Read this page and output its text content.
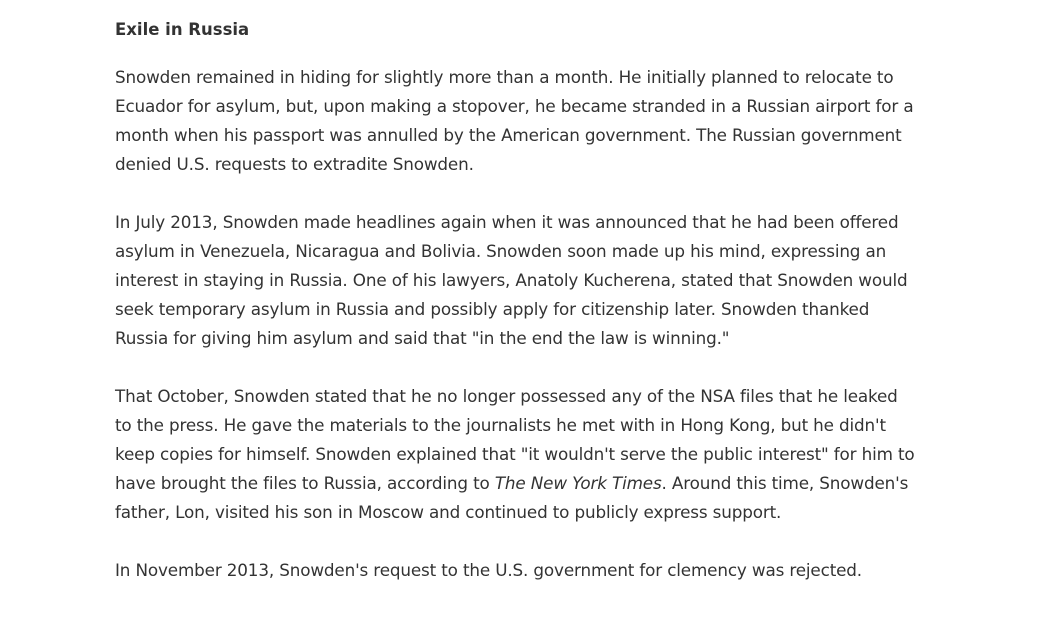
Exile in Russia

Snowden remained in hiding for slightly more than a month. He initially planned to relocate to Ecuador for asylum, but, upon making a stopover, he became stranded in a Russian airport for a month when his passport was annulled by the American government. The Russian government denied U.S. requests to extradite Snowden.

In July 2013, Snowden made headlines again when it was announced that he had been offered asylum in Venezuela, Nicaragua and Bolivia. Snowden soon made up his mind, expressing an interest in staying in Russia. One of his lawyers, Anatoly Kucherena, stated that Snowden would seek temporary asylum in Russia and possibly apply for citizenship later. Snowden thanked Russia for giving him asylum and said that "in the end the law is winning."

That October, Snowden stated that he no longer possessed any of the NSA files that he leaked to the press. He gave the materials to the journalists he met with in Hong Kong, but he didn't keep copies for himself. Snowden explained that "it wouldn't serve the public interest" for him to have brought the files to Russia, according to The New York Times. Around this time, Snowden's father, Lon, visited his son in Moscow and continued to publicly express support.

In November 2013, Snowden's request to the U.S. government for clemency was rejected.
